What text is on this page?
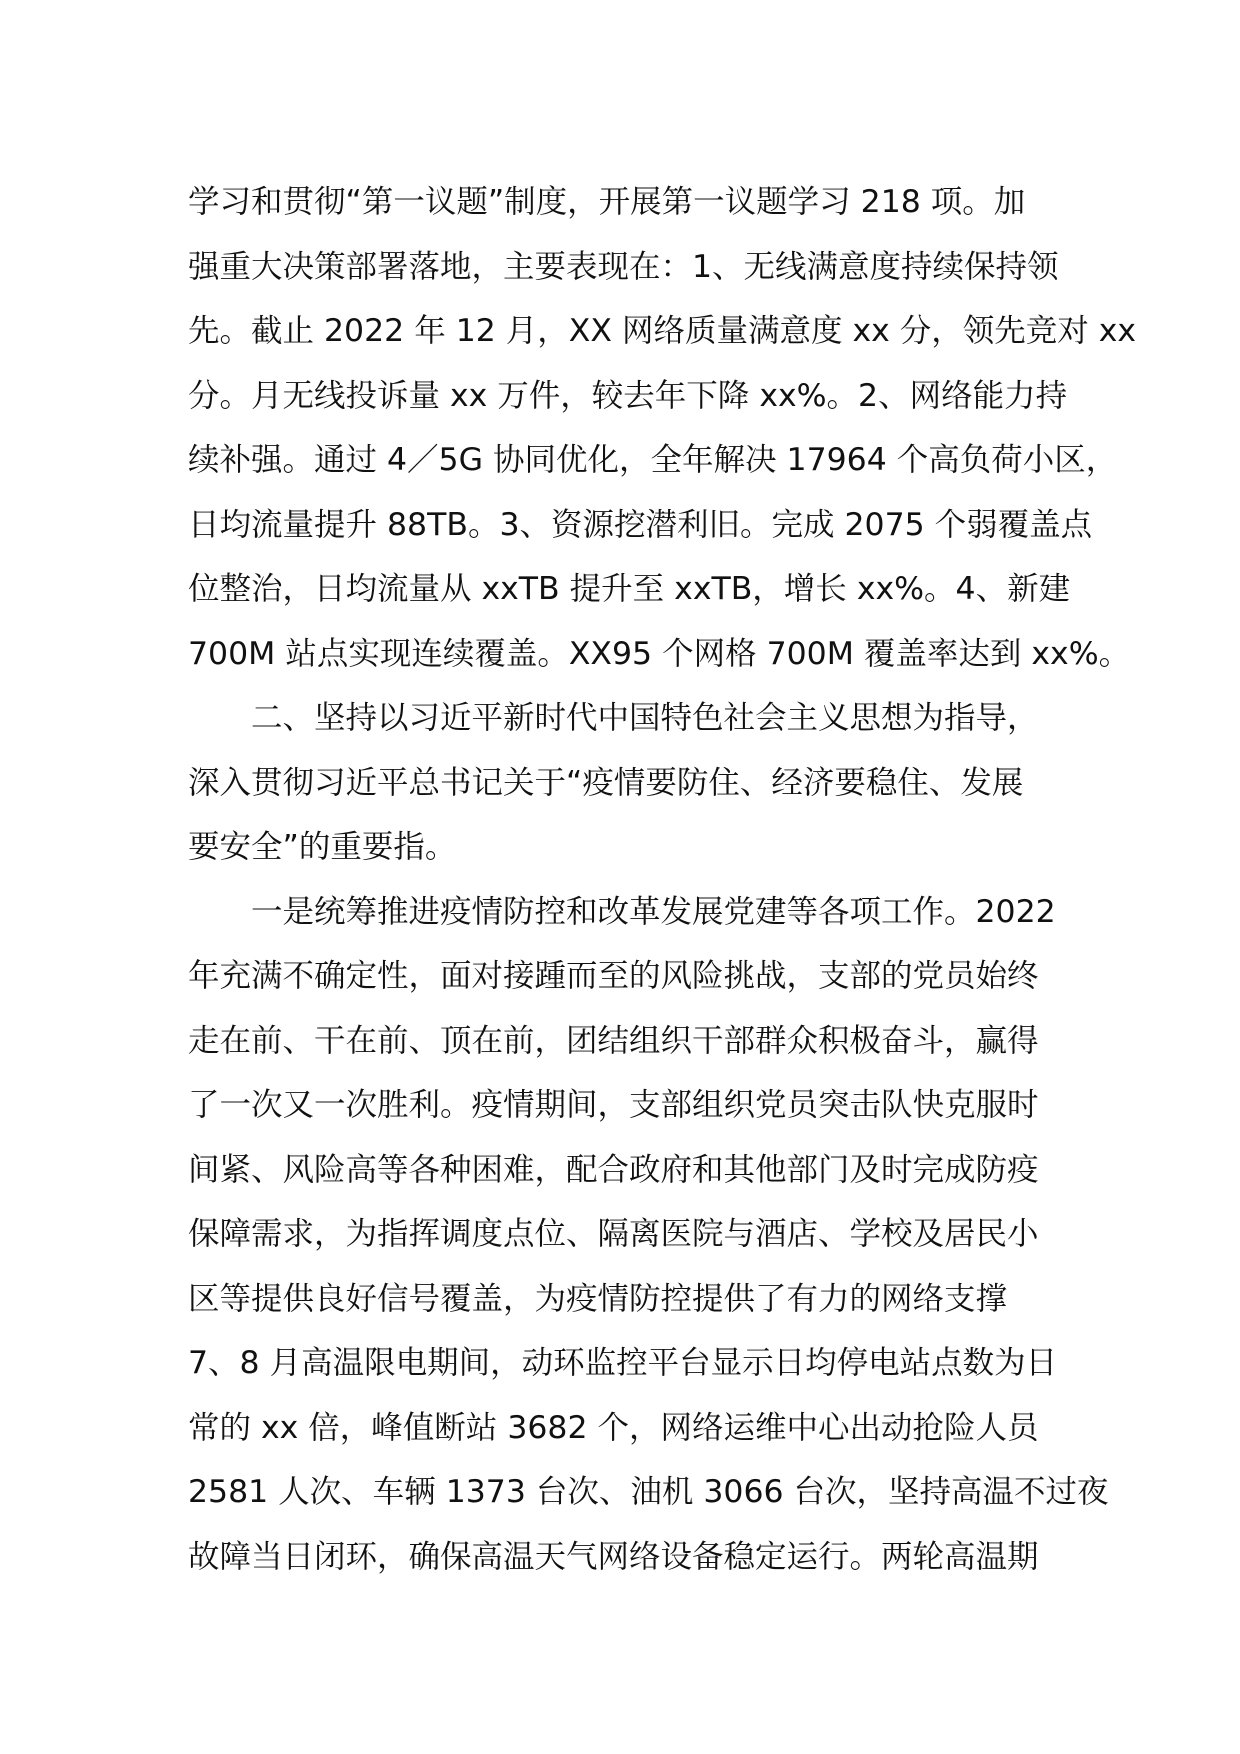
学习和贯彻“第一议题”制度，开展第一议题学习 218 项。加
强重大决策部署落地，主要表现在：1、无线满意度持续保持领
先。截止 2022 年 12 月，XX 网络质量满意度 xx 分，领先竞对 xx
分。月无线投诉量 xx 万件，较去年下降 xx%。2、网络能力持
续补强。通过 4／5G 协同优化，全年解决 17964 个高负荷小区，
日均流量提升 88TB。3、资源挖潜利旧。完成 2075 个弱覆盖点
位整治，日均流量从 xxTB 提升至 xxTB，增长 xx%。4、新建
700M 站点实现连续覆盖。XX95 个网格 700M 覆盖率达到 xx%。
二、坚持以习近平新时代中国特色社会主义思想为指导，
深入贯彻习近平总书记关于“疫情要防住、经济要稳住、发展
要安全”的重要指。
一是统筹推进疫情防控和改革发展党建等各项工作。2022
年充满不确定性，面对接踵而至的风险挑战，支部的党员始终
走在前、干在前、顶在前，团结组织干部群众积极奋斗，赢得
了一次又一次胜利。疫情期间，支部组织党员突击队快克服时
间紧、风险高等各种困难，配合政府和其他部门及时完成防疫
保障需求，为指挥调度点位、隔离医院与酒店、学校及居民小
区等提供良好信号覆盖，为疫情防控提供了有力的网络支撑
7、8 月高温限电期间，动环监控平台显示日均停电站点数为日
常的 xx 倍，峰值断站 3682 个，网络运维中心出动抢险人员
2581 人次、车辆 1373 台次、油机 3066 台次，坚持高温不过夜
故障当日闭环，确保高温天气网络设备稳定运行。两轮高温期
